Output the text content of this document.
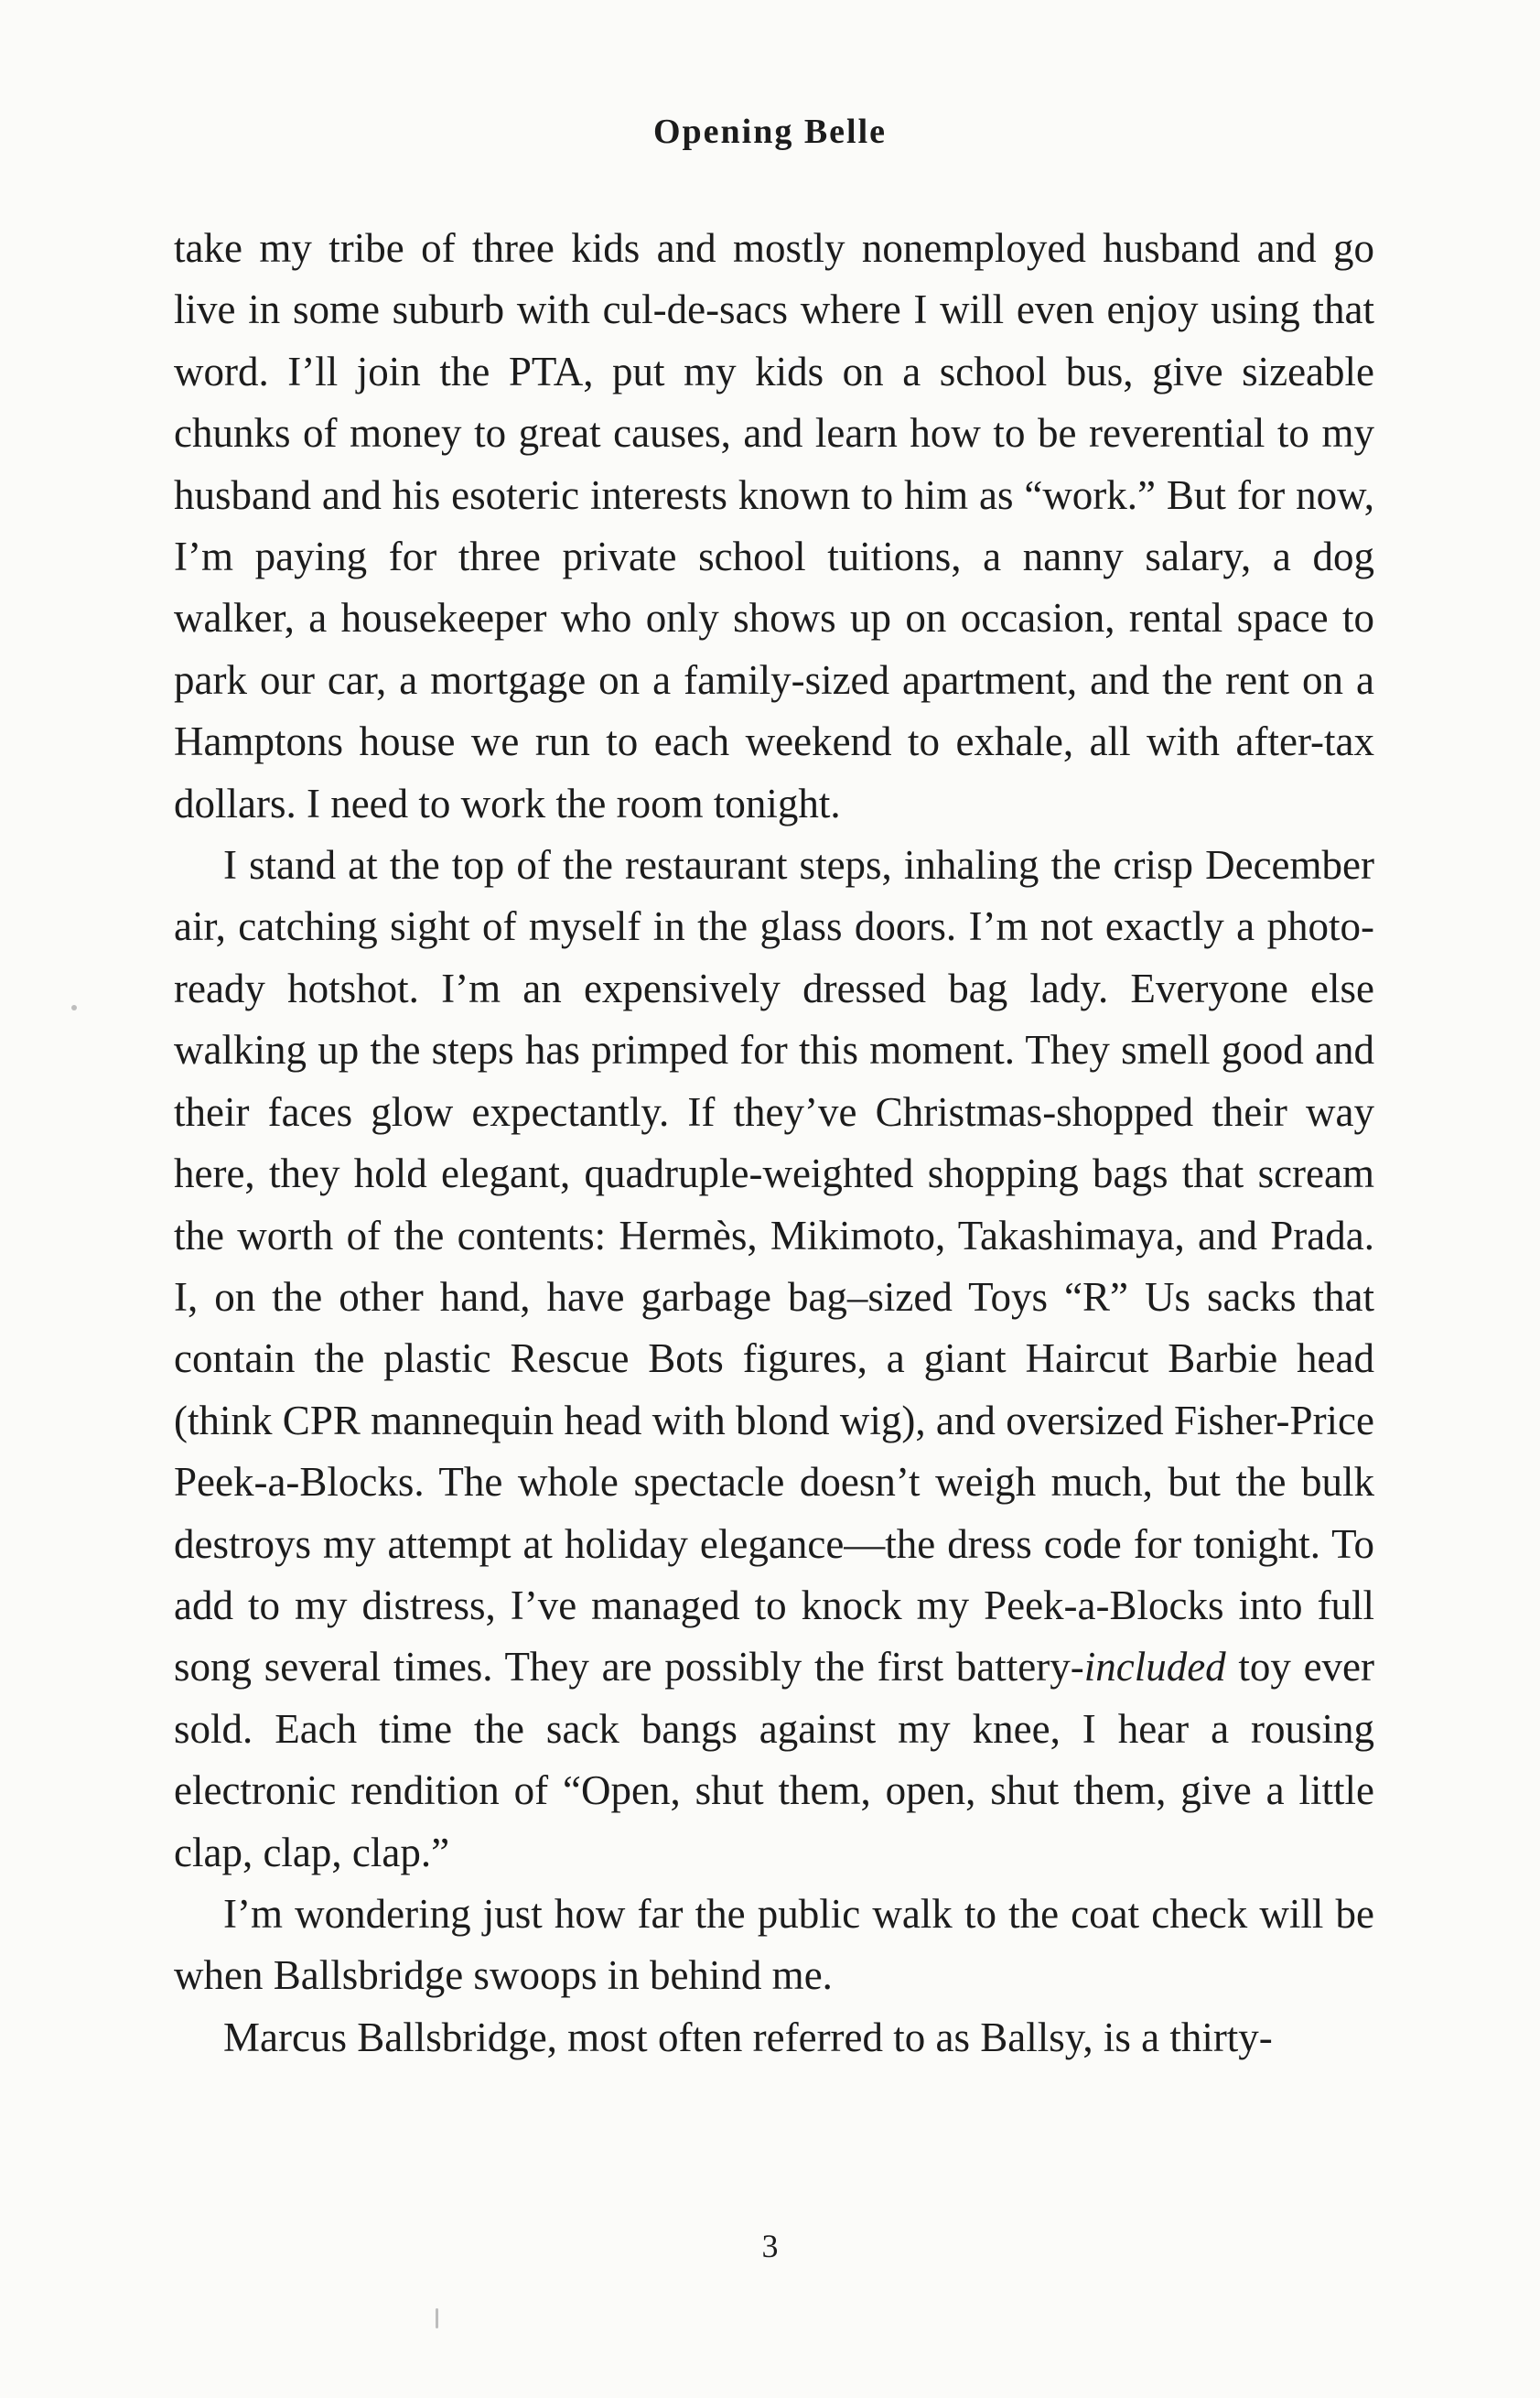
Opening Belle

take my tribe of three kids and mostly nonemployed husband and go live in some suburb with cul-de-sacs where I will even enjoy using that word. I’ll join the PTA, put my kids on a school bus, give sizeable chunks of money to great causes, and learn how to be reverential to my husband and his esoteric interests known to him as “work.” But for now, I’m paying for three private school tuitions, a nanny salary, a dog walker, a housekeeper who only shows up on occasion, rental space to park our car, a mortgage on a family-sized apartment, and the rent on a Hamptons house we run to each weekend to exhale, all with after-tax dollars. I need to work the room tonight.

I stand at the top of the restaurant steps, inhaling the crisp December air, catching sight of myself in the glass doors. I’m not exactly a photo-ready hotshot. I’m an expensively dressed bag lady. Everyone else walking up the steps has primped for this moment. They smell good and their faces glow expectantly. If they’ve Christmas-shopped their way here, they hold elegant, quadruple-weighted shopping bags that scream the worth of the contents: Hermès, Mikimoto, Takashimaya, and Prada. I, on the other hand, have garbage bag–sized Toys “R” Us sacks that contain the plastic Rescue Bots figures, a giant Haircut Barbie head (think CPR mannequin head with blond wig), and oversized Fisher-Price Peek-a-Blocks. The whole spectacle doesn’t weigh much, but the bulk destroys my attempt at holiday elegance—the dress code for tonight. To add to my distress, I’ve managed to knock my Peek-a-Blocks into full song several times. They are possibly the first battery-included toy ever sold. Each time the sack bangs against my knee, I hear a rousing electronic rendition of “Open, shut them, open, shut them, give a little clap, clap, clap.”

I’m wondering just how far the public walk to the coat check will be when Ballsbridge swoops in behind me.

Marcus Ballsbridge, most often referred to as Ballsy, is a thirty-

3
